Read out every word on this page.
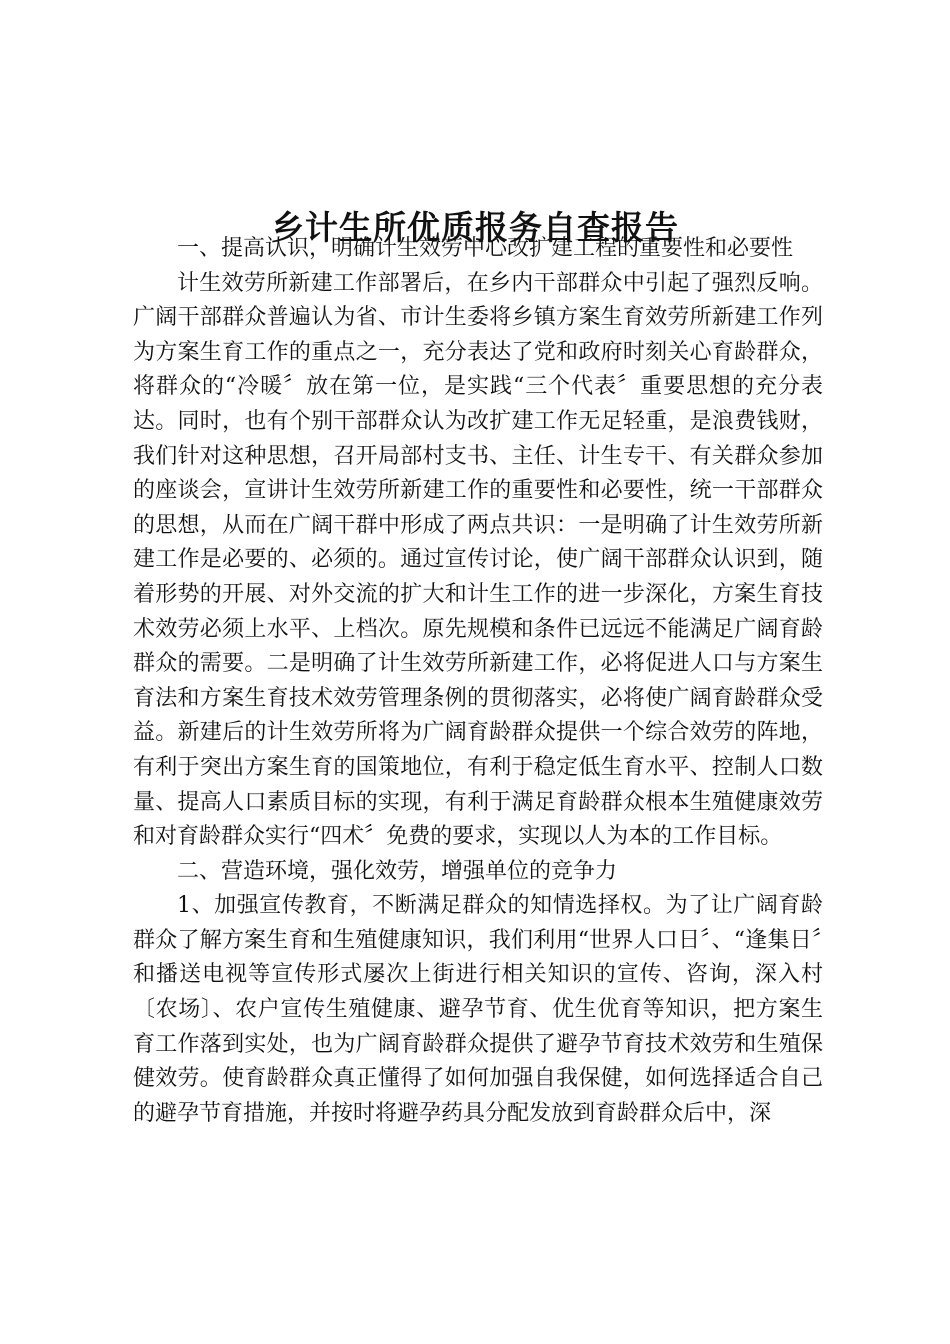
乡计生所优质报务自查报告

一、提高认识，明确计生效劳中心改扩建工程的重要性和必要性

计生效劳所新建工作部署后，在乡内干部群众中引起了强烈反响。广阔干部群众普遍认为省、市计生委将乡镇方案生育效劳所新建工作列为方案生育工作的重点之一，充分表达了党和政府时刻关心育龄群众，将群众的“冷暖〞放在第一位，是实践“三个代表〞重要思想的充分表达。同时，也有个别干部群众认为改扩建工作无足轻重，是浪费钱财，我们针对这种思想，召开局部村支书、主任、计生专干、有关群众参加的座谈会，宣讲计生效劳所新建工作的重要性和必要性，统一干部群众的思想，从而在广阔干群中形成了两点共识：一是明确了计生效劳所新建工作是必要的、必须的。通过宣传讨论，使广阔干部群众认识到，随着形势的开展、对外交流的扩大和计生工作的进一步深化，方案生育技术效劳必须上水平、上档次。原先规模和条件已远远不能满足广阔育龄群众的需要。二是明确了计生效劳所新建工作，必将促进人口与方案生育法和方案生育技术效劳管理条例的贯彻落实，必将使广阔育龄群众受益。新建后的计生效劳所将为广阔育龄群众提供一个综合效劳的阵地，有利于突出方案生育的国策地位，有利于稳定低生育水平、控制人口数量、提高人口素质目标的实现，有利于满足育龄群众根本生殖健康效劳和对育龄群众实行“四术〞免费的要求，实现以人为本的工作目标。

二、营造环境，强化效劳，增强单位的竞争力

1、加强宣传教育，不断满足群众的知情选择权。为了让广阔育龄群众了解方案生育和生殖健康知识，我们利用“世界人口日〞、“逢集日〞和播送电视等宣传形式屡次上街进行相关知识的宣传、咨询，深入村〔农场〕、农户宣传生殖健康、避孕节育、优生优育等知识，把方案生育工作落到实处，也为广阔育龄群众提供了避孕节育技术效劳和生殖保健效劳。使育龄群众真正懂得了如何加强自我保健，如何选择适合自己的避孕节育措施，并按时将避孕药具分配发放到育龄群众后中，深
